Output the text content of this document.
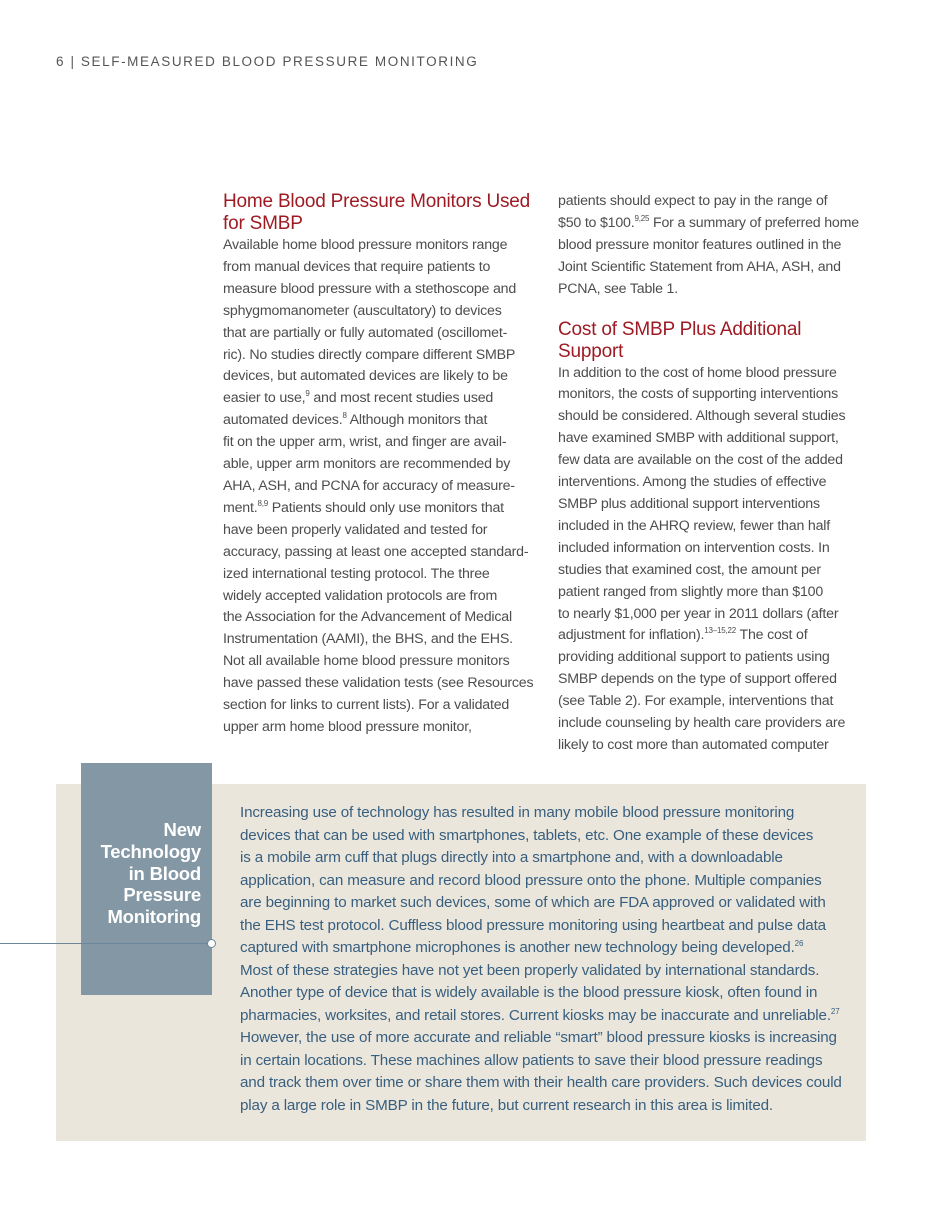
6 | SELF-MEASURED BLOOD PRESSURE MONITORING
Home Blood Pressure Monitors Used
for SMBP

Available home blood pressure monitors range
from manual devices that require patients to
measure blood pressure with a stethoscope and
sphygmomanometer (auscultatory) to devices
that are partially or fully automated (oscillomet-
ric). No studies directly compare different SMBP
devices, but automated devices are likely to be
easier to use,$^9$ and most recent studies used
automated devices.$^8$ Although monitors that
fit on the upper arm, wrist, and finger are avail-
able, upper arm monitors are recommended by
AHA, ASH, and PCNA for accuracy of measure-
ment.$^{8,9}$ Patients should only use monitors that
have been properly validated and tested for
accuracy, passing at least one accepted standard-
ized international testing protocol. The three
widely accepted validation protocols are from
the Association for the Advancement of Medical
Instrumentation (AAMI), the BHS, and the EHS.
Not all available home blood pressure monitors
have passed these validation tests (see Resources
section for links to current lists). For a validated
upper arm home blood pressure monitor,

patients should expect to pay in the range of
$50 to $100.$^{9,25}$ For a summary of preferred home
blood pressure monitor features outlined in the
Joint Scientific Statement from AHA, ASH, and
PCNA, see Table 1.

Cost of SMBP Plus Additional Support

In addition to the cost of home blood pressure
monitors, the costs of supporting interventions
should be considered. Although several studies
have examined SMBP with additional support,
few data are available on the cost of the added
interventions. Among the studies of effective
SMBP plus additional support interventions
included in the AHRQ review, fewer than half
included information on intervention costs. In
studies that examined cost, the amount per
patient ranged from slightly more than $100
to nearly $1,000 per year in 2011 dollars (after
adjustment for inflation).$^{13-15,22}$ The cost of
providing additional support to patients using
SMBP depends on the type of support offered
(see Table 2). For example, interventions that
include counseling by health care providers are
likely to cost more than automated computer

New
Technology
in Blood
Pressure
Monitoring
Increasing use of technology has resulted in many mobile blood pressure monitoring
devices that can be used with smartphones, tablets, etc. One example of these devices
is a mobile arm cuff that plugs directly into a smartphone and, with a downloadable
application, can measure and record blood pressure onto the phone. Multiple companies
are beginning to market such devices, some of which are FDA approved or validated with
the EHS test protocol. Cuffless blood pressure monitoring using heartbeat and pulse data
captured with smartphone microphones is another new technology being developed.$^{26}$
Most of these strategies have not yet been properly validated by international standards.
Another type of device that is widely available is the blood pressure kiosk, often found in
pharmacies, worksites, and retail stores. Current kiosks may be inaccurate and unreliable.$^{27}$
However, the use of more accurate and reliable “smart” blood pressure kiosks is increasing
in certain locations. These machines allow patients to save their blood pressure readings
and track them over time or share them with their health care providers. Such devices could
play a large role in SMBP in the future, but current research in this area is limited.
